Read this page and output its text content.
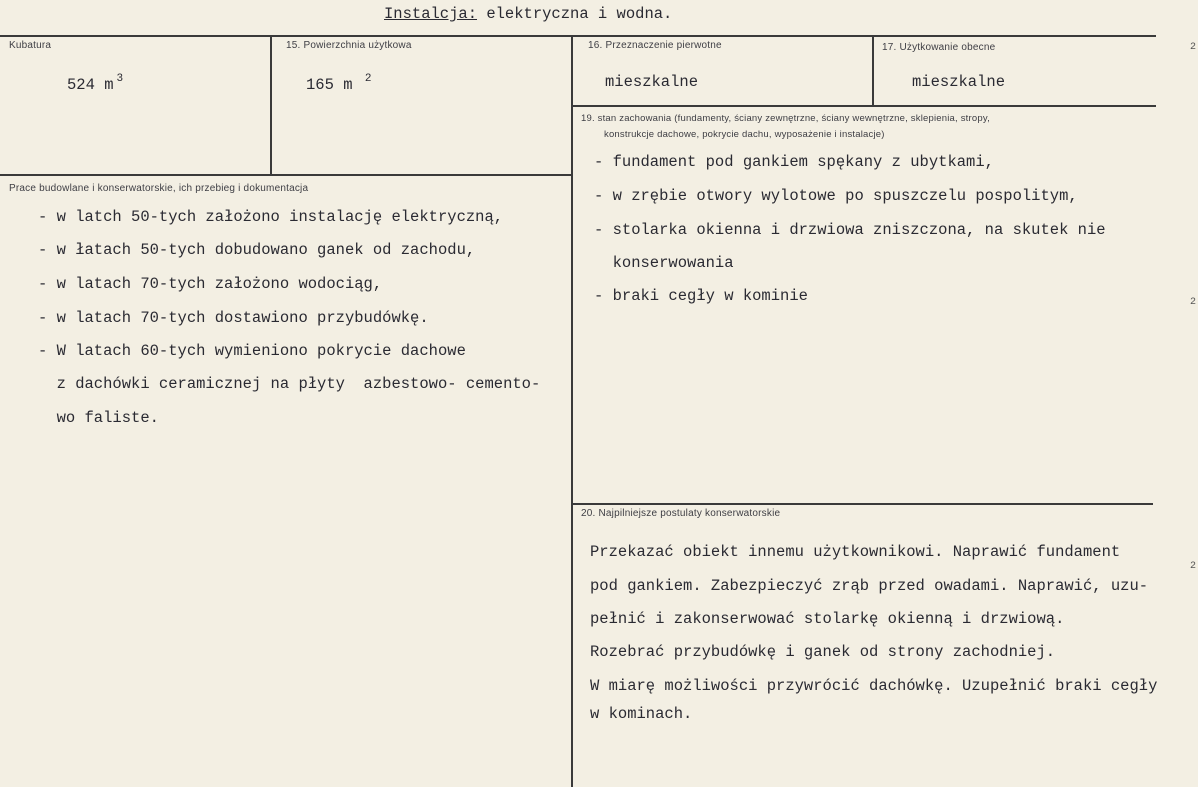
Instalcja: elektryczna i wodna.
Kubatura
524 m $^3$
15. Powierzchnia użytkowa
165 m $^2$
16. Przeznaczenie pierwotne
mieszkalne
17. Użytkowanie obecne
mieszkalne
19. stan zachowania (fundamenty, ściany zewnętrzne, ściany wewnętrzne, sklepienia, stropy,
konstrukcje dachowe, pokrycie dachu, wyposażenie i instalacje)
- fundament pod gankiem spękany z ubytkami,
- w zrębie otwory wylotowe po spuszczelu pospolitym,
- stolarka okienna i drzwiowa zniszczona, na skutek nie
konserwowania
- braki cegły w kominie
Prace budowlane i konserwatorskie, ich przebieg i dokumentacja
- w latch 50-tych założono instalację elektryczną,
- w łatach 50-tych dobudowano ganek od zachodu,
- w latach 70-tych założono wodociąg,
- w latach 70-tych dostawiono przybudówkę.
- W latach 60-tych wymieniono pokrycie dachowe
z dachówki ceramicznej na płyty  azbestowo- cemento-
wo faliste.
20. Najpilniejsze postulaty konserwatorskie
Przekazać obiekt innemu użytkownikowi. Naprawić fundament
pod gankiem. Zabezpieczyć zrąb przed owadami. Naprawić, uzu-
pełnić i zakonserwować stolarkę okienną i drzwiową.
Rozebrać przybudówkę i ganek od strony zachodniej.
W miarę możliwości przywrócić dachówkę. Uzupełnić braki cegły
w kominach.
2
2
2
